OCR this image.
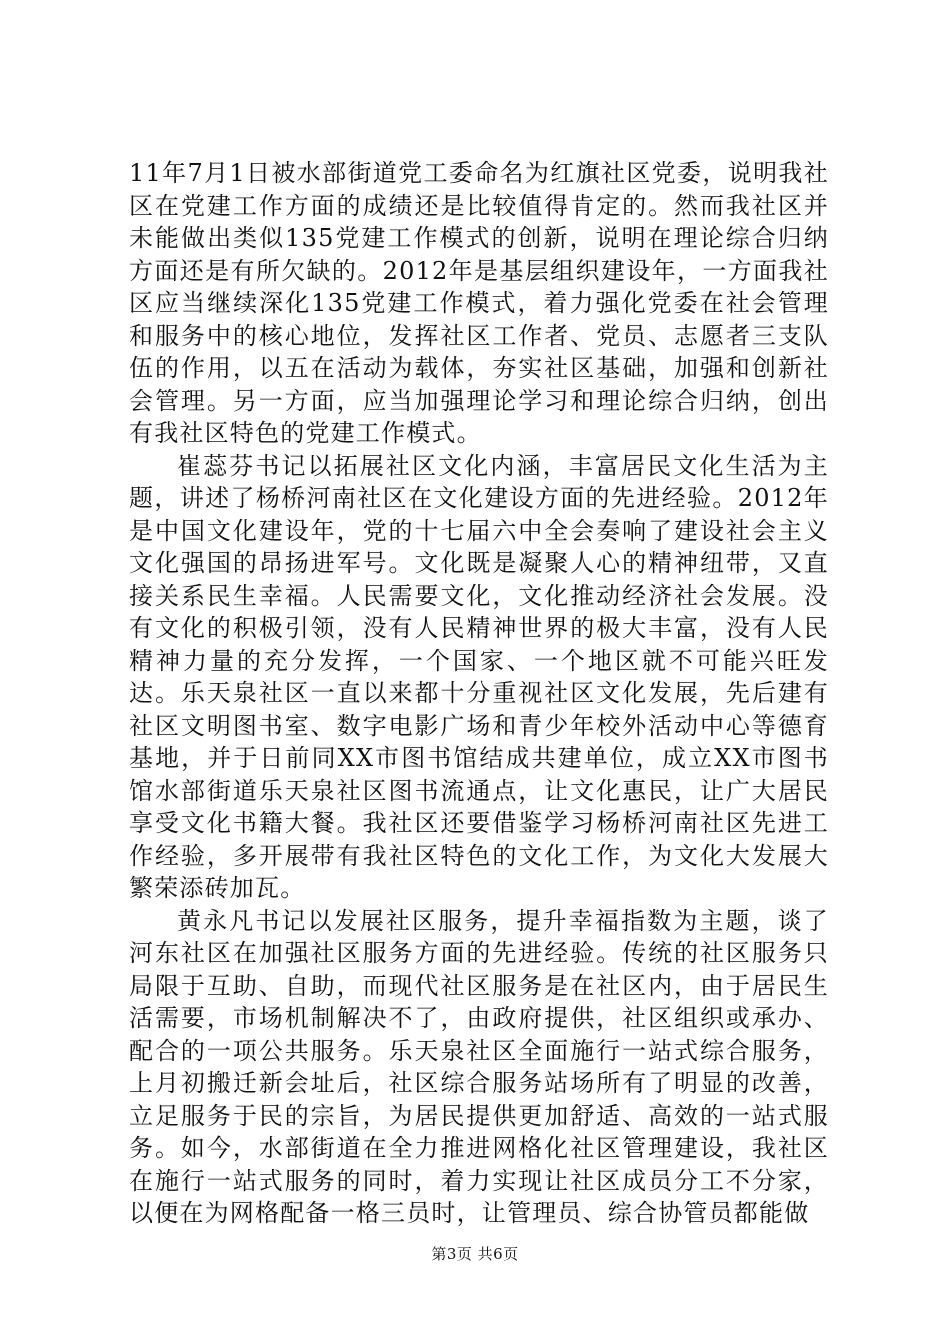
11年7月1日被水部街道党工委命名为红旗社区党委，说明我社区在党建工作方面的成绩还是比较值得肯定的。然而我社区并未能做出类似135党建工作模式的创新，说明在理论综合归纳方面还是有所欠缺的。2012年是基层组织建设年，一方面我社区应当继续深化135党建工作模式，着力强化党委在社会管理和服务中的核心地位，发挥社区工作者、党员、志愿者三支队伍的作用，以五在活动为载体，夯实社区基础，加强和创新社会管理。另一方面，应当加强理论学习和理论综合归纳，创出有我社区特色的党建工作模式。

崔蕊芬书记以拓展社区文化内涵，丰富居民文化生活为主题，讲述了杨桥河南社区在文化建设方面的先进经验。2012年是中国文化建设年，党的十七届六中全会奏响了建设社会主义文化强国的昂扬进军号。文化既是凝聚人心的精神纽带，又直接关系民生幸福。人民需要文化，文化推动经济社会发展。没有文化的积极引领，没有人民精神世界的极大丰富，没有人民精神力量的充分发挥，一个国家、一个地区就不可能兴旺发达。乐天泉社区一直以来都十分重视社区文化发展，先后建有社区文明图书室、数字电影广场和青少年校外活动中心等德育基地，并于日前同XX市图书馆结成共建单位，成立XX市图书馆水部街道乐天泉社区图书流通点，让文化惠民，让广大居民享受文化书籍大餐。我社区还要借鉴学习杨桥河南社区先进工作经验，多开展带有我社区特色的文化工作，为文化大发展大繁荣添砖加瓦。

黄永凡书记以发展社区服务，提升幸福指数为主题，谈了河东社区在加强社区服务方面的先进经验。传统的社区服务只局限于互助、自助，而现代社区服务是在社区内，由于居民生活需要，市场机制解决不了，由政府提供，社区组织或承办、配合的一项公共服务。乐天泉社区全面施行一站式综合服务，上月初搬迁新会址后，社区综合服务站场所有了明显的改善，立足服务于民的宗旨，为居民提供更加舒适、高效的一站式服务。如今，水部街道在全力推进网格化社区管理建设，我社区在施行一站式服务的同时，着力实现让社区成员分工不分家，以便在为网格配备一格三员时，让管理员、综合协管员都能做

第3页 共6页
